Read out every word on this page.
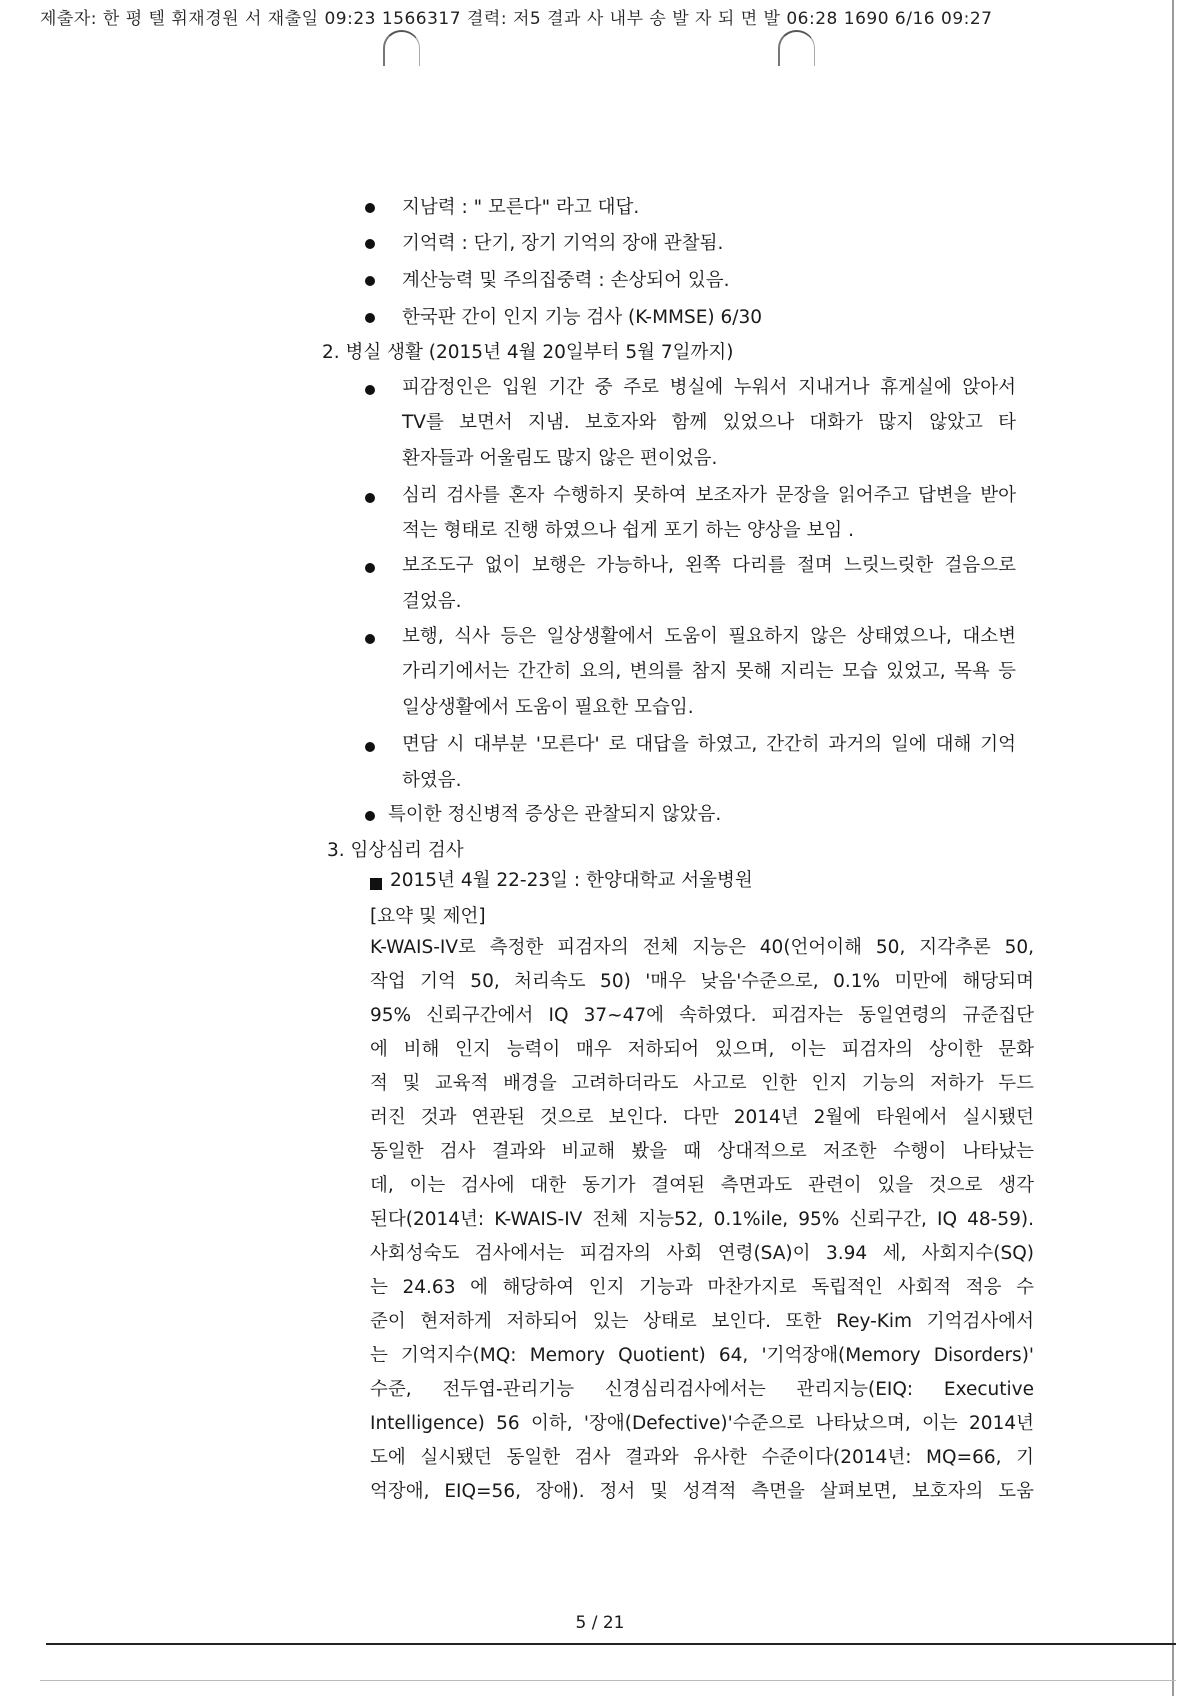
제출자: 한 평 텔 휘재경원 서 재출일 09:23 1566317 결력: 저5 결과 사 내부 송 발 자 되 면 발 06:28 1690 6/16 09:27
지남력 : " 모른다" 라고 대답.
기억력 : 단기, 장기 기억의 장애 관찰됨.
계산능력 및 주의집중력 : 손상되어 있음.
한국판 간이 인지 기능 검사 (K-MMSE) 6/30
2. 병실 생활 (2015년 4월 20일부터 5월 7일까지)
피감정인은 입원 기간 중 주로 병실에 누워서 지내거나 휴게실에 앉아서
TV를 보면서 지냄. 보호자와 함께 있었으나 대화가 많지 않았고 타
환자들과 어울림도 많지 않은 편이었음.
심리 검사를 혼자 수행하지 못하여 보조자가 문장을 읽어주고 답변을 받아
적는 형태로 진행 하였으나 쉽게 포기 하는 양상을 보임 .
보조도구 없이 보행은 가능하나, 왼쪽 다리를 절며 느릿느릿한 걸음으로
걸었음.
보행, 식사 등은 일상생활에서 도움이 필요하지 않은 상태였으나, 대소변
가리기에서는 간간히 요의, 변의를 참지 못해 지리는 모습 있었고, 목욕 등
일상생활에서 도움이 필요한 모습임.
면담 시 대부분 '모른다' 로 대답을 하였고, 간간히 과거의 일에 대해 기억
하였음.
특이한 정신병적 증상은 관찰되지 않았음.
3. 임상심리 검사
2015년 4월 22-23일 : 한양대학교 서울병원
[요약 및 제언]
K-WAIS-IV로 측정한 피검자의 전체 지능은 40(언어이해 50, 지각추론 50,
작업 기억 50, 처리속도 50) '매우 낮음'수준으로, 0.1% 미만에 해당되며
95% 신뢰구간에서 IQ 37~47에 속하였다. 피검자는 동일연령의 규준집단
에 비해 인지 능력이 매우 저하되어 있으며, 이는 피검자의 상이한 문화
적 및 교육적 배경을 고려하더라도 사고로 인한 인지 기능의 저하가 두드
러진 것과 연관된 것으로 보인다. 다만 2014년 2월에 타원에서 실시됐던
동일한 검사 결과와 비교해 봤을 때 상대적으로 저조한 수행이 나타났는
데, 이는 검사에 대한 동기가 결여된 측면과도 관련이 있을 것으로 생각
된다(2014년: K-WAIS-IV 전체 지능52, 0.1%ile, 95% 신뢰구간, IQ 48-59).
사회성숙도 검사에서는 피검자의 사회 연령(SA)이 3.94 세, 사회지수(SQ)
는 24.63 에 해당하여 인지 기능과 마찬가지로 독립적인 사회적 적응 수
준이 현저하게 저하되어 있는 상태로 보인다. 또한 Rey-Kim 기억검사에서
는 기억지수(MQ: Memory Quotient) 64, '기억장애(Memory Disorders)'
수준, 전두엽-관리기능 신경심리검사에서는 관리지능(EIQ: Executive
Intelligence) 56 이하, '장애(Defective)'수준으로 나타났으며, 이는 2014년
도에 실시됐던 동일한 검사 결과와 유사한 수준이다(2014년: MQ=66, 기
억장애, EIQ=56, 장애). 정서 및 성격적 측면을 살펴보면, 보호자의 도움
5 / 21
